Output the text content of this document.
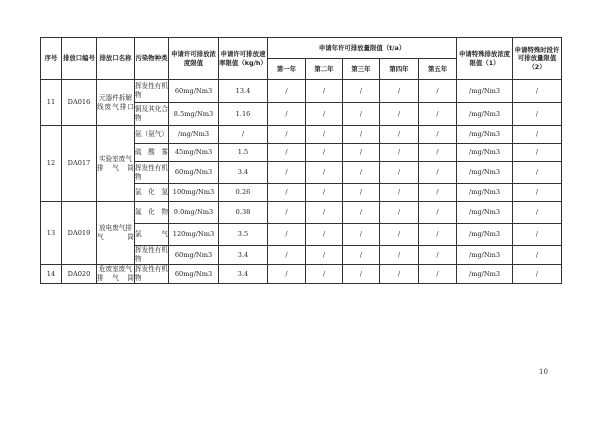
序号	排放口编号	排放口名称	污染物种类	申请许可排放浓度限值	申请许可排放速率限值（kg/h）	申请年许可排放量限值（t/a）					申请特殊排放浓度限值（1）	申请特殊时段许可排放量限值（2）
						第一年	第二年	第三年	第四年	第五年		
11	DA016	元器件拆解线废气排口	挥发性有机物	60mg/Nm3	13.4	/	/	/	/	/	/mg/Nm3	/
			铜及其化合物	8.5mg/Nm3	1.16	/	/	/	/	/	/mg/Nm3	/
12	DA017	实验室废气排气筒	氨（氨气）	/mg/Nm3	/	/	/	/	/	/	/mg/Nm3	/
			硫酸雾	45mg/Nm3	1.5	/	/	/	/	/	/mg/Nm3	/
			挥发性有机物	60mg/Nm3	3.4	/	/	/	/	/	/mg/Nm3	/
			氯化氢	100mg/Nm3	0.26	/	/	/	/	/	/mg/Nm3	/
13	DA019	放电废气排气筒	氟化物	9.0mg/Nm3	0.38	/	/	/	/	/	/mg/Nm3	/
			氯气	120mg/Nm3	3.5	/	/	/	/	/	/mg/Nm3	/
			挥发性有机物	60mg/Nm3	3.4	/	/	/	/	/	/mg/Nm3	/
14	DA020	危废室废气排气筒	挥发性有机物	60mg/Nm3	3.4	/	/	/	/	/	/mg/Nm3	/
10
